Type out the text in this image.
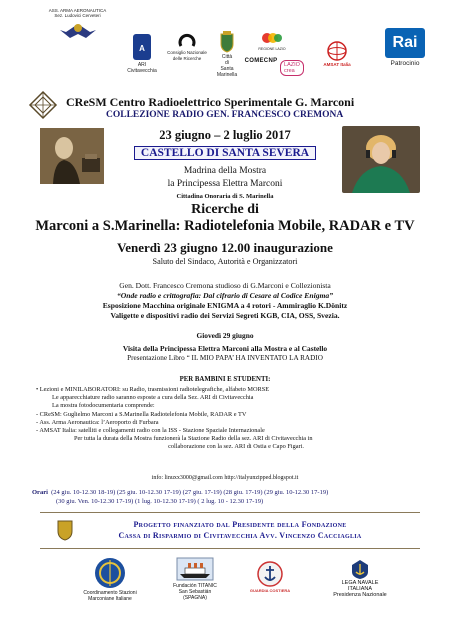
ASS. ARMA AERONAUTICA
Sez. Ludovici Cerveteri
A
ARI
Civitavecchia
Consiglio Nazionale
delle Ricerche	Città
di
Santa
Marinella
REGIONE LAZIO
COMECNP
LAZIO
crea
AMSAT Italia
Rai
Patrocinio
CReSM Centro Radioelettrico Sperimentale G. Marconi
COLLEZIONE RADIO GEN. FRANCESCO CREMONA
23 giugno – 2 luglio 2017
CASTELLO DI SANTA SEVERA
Madrina della Mostra
la Principessa Elettra Marconi
Cittadina Onoraria di S. Marinella
Ricerche di
Marconi a S.Marinella: Radiotelefonia Mobile, RADAR e TV
Venerdì 23 giugno 12.00 inaugurazione
Saluto del Sindaco, Autorità e Organizzatori
Gen. Dott. Francesco Cremona studioso di G.Marconi e Collezionista
“Onde radio e crittografia: Dal cifrario di Cesare al Codice Enigma”
Esposizione Macchina originale ENIGMA a 4 rotori - Ammiraglio K.Dönitz
Valigette e dispositivi radio dei Servizi Segreti KGB, CIA, OSS, Svezia.
Giovedì 29 giugno
Visita della Principessa Elettra Marconi alla Mostra e al Castello
Presentazione Libro “ IL MIO PAPA’ HA INVENTATO LA RADIO
PER BAMBINI E STUDENTI:
• Lezioni e MINILABORATORI: su Radio, trasmissioni radiotelegrafiche, alfabeto MORSE
Le apparecchiature radio saranno esposte a cura della Sez. ARI di Civitavecchia
La mostra fotodocumentaria comprende:
- CReSM: Guglielmo Marconi a S.Marinella Radiotelefonia Mobile, RADAR e TV
- Ass. Arma Aeronautica: l’Aeroporto di Furbara
- AMSAT Italia: satelliti e collegamenti radio con la ISS - Stazione Spaziale Internazionale
Per tutta la durata della Mostra funzionerà la Stazione Radio della sez. ARI di Civitavecchia in
collaborazione con la sez. ARI di Ostia e Capo Figari.
info: linuxx3000@gmail.com http://italyunzipped.blogspot.it
Orari (24 giu. 10-12.30 18-19) (25 giu. 10-12.30 17-19) (27 giu. 17-19) (28 giu. 17-19) (29 giu. 10-12.30 17-19)
(30 giu. Ven. 10-12.30 17-19) (1 lug. 10-12.30 17-19) ( 2 lug. 10 - 12.30 17-19)
Progetto finanziato dal Presidente della Fondazione
Cassa di Risparmio di Civitavecchia Avv. Vincenzo Cacciaglia
Coordinamento Stazioni
Marconiane Italiane
Fundación TITANIC
San Sebastián
(SPAGNA)
GUARDIA COSTIERA
LEGA NAVALE
ITALIANA
Presidenza Nazionale
